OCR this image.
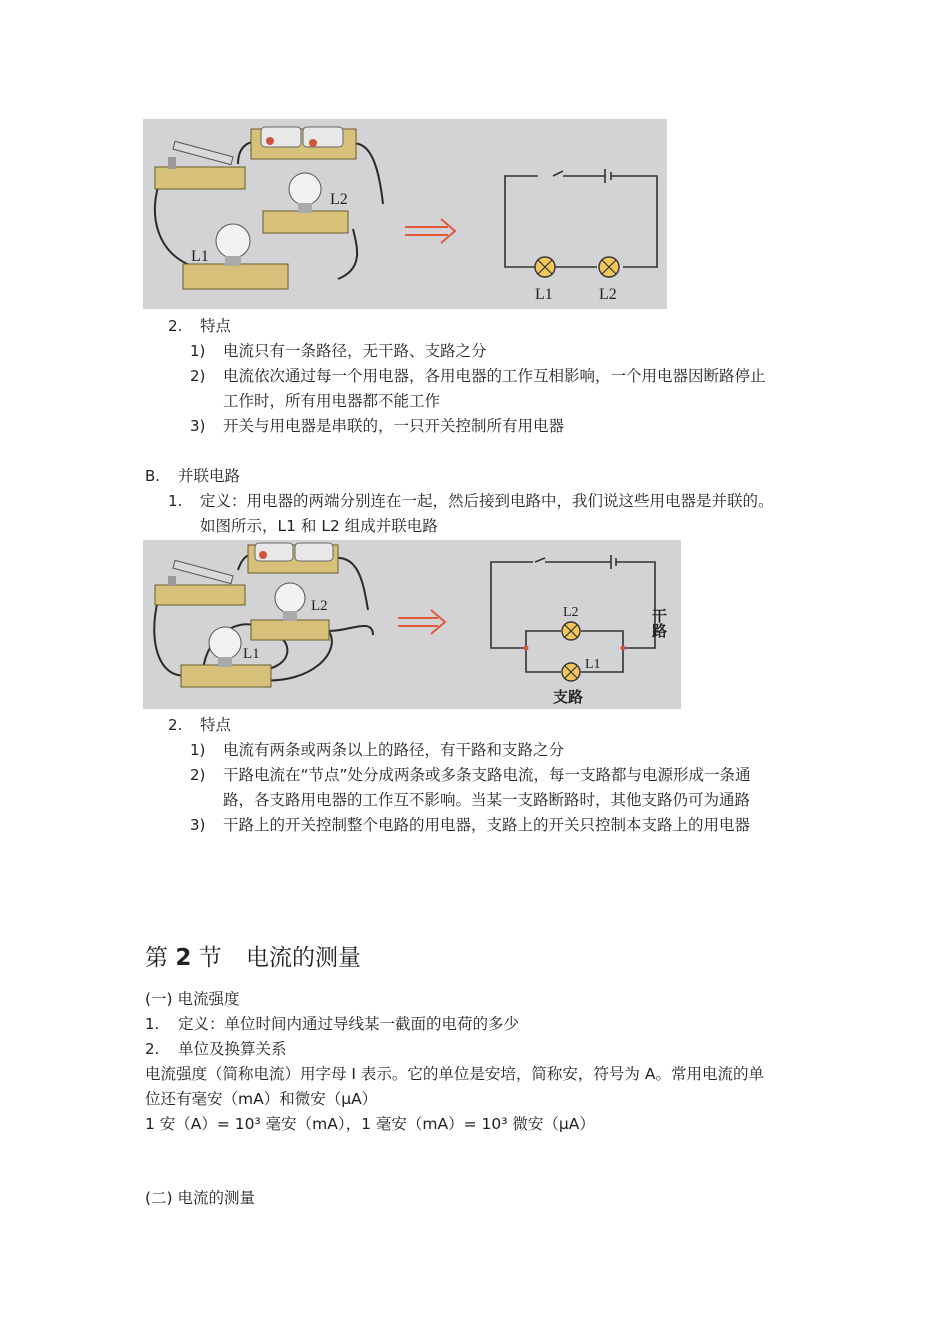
L2
L1
L1	L2
2. 特点
1) 电流只有一条路径，无干路、支路之分
2) 电流依次通过每一个用电器，各用电器的工作互相影响，一个用电器因断路停止
工作时，所有用电器都不能工作
3) 开关与用电器是串联的，一只开关控制所有用电器
B. 并联电路
1. 定义：用电器的两端分别连在一起，然后接到电路中，我们说这些用电器是并联的。
如图所示，L1 和 L2 组成并联电路
L2
L1
L2
L1
干路
支路
2. 特点
1) 电流有两条或两条以上的路径，有干路和支路之分
2) 干路电流在“节点”处分成两条或多条支路电流，每一支路都与电源形成一条通
路，各支路用电器的工作互不影响。当某一支路断路时，其他支路仍可为通路
3) 干路上的开关控制整个电路的用电器，支路上的开关只控制本支路上的用电器
第 2 节 电流的测量
(一) 电流强度
1. 定义：单位时间内通过导线某一截面的电荷的多少
2. 单位及换算关系
电流强度（简称电流）用字母 I 表示。它的单位是安培，简称安，符号为 A。常用电流的单
位还有毫安（mA）和微安（μA）
1 安（A）= 10³ 毫安（mA），1 毫安（mA）= 10³ 微安（μA）
(二) 电流的测量
